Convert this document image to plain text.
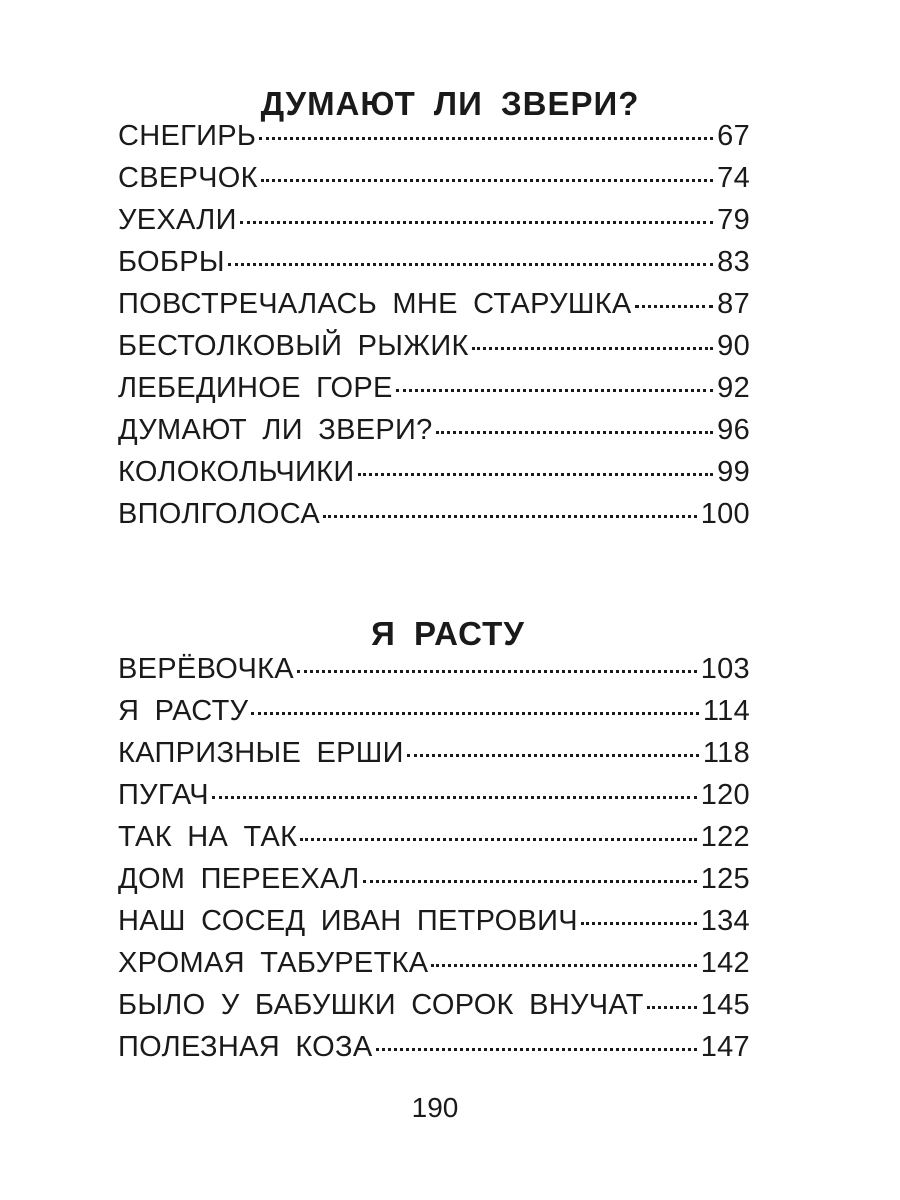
ДУМАЮТ ЛИ ЗВЕРИ?
СНЕГИРЬ	67
СВЕРЧОК	74
УЕХАЛИ	79
БОБРЫ	83
ПОВСТРЕЧАЛАСЬ МНЕ СТАРУШКА	87
БЕСТОЛКОВЫЙ РЫЖИК	90
ЛЕБЕДИНОЕ ГОРЕ	92
ДУМАЮТ ЛИ ЗВЕРИ?	96
КОЛОКОЛЬЧИКИ	99
ВПОЛГОЛОСА	100
Я РАСТУ
ВЕРЁВОЧКА	103
Я РАСТУ	114
КАПРИЗНЫЕ ЕРШИ	118
ПУГАЧ	120
ТАК НА ТАК	122
ДОМ ПЕРЕЕХАЛ	125
НАШ СОСЕД ИВАН ПЕТРОВИЧ	134
ХРОМАЯ ТАБУРЕТКА	142
БЫЛО У БАБУШКИ СОРОК ВНУЧАТ 145
ПОЛЕЗНАЯ КОЗА	147
190
